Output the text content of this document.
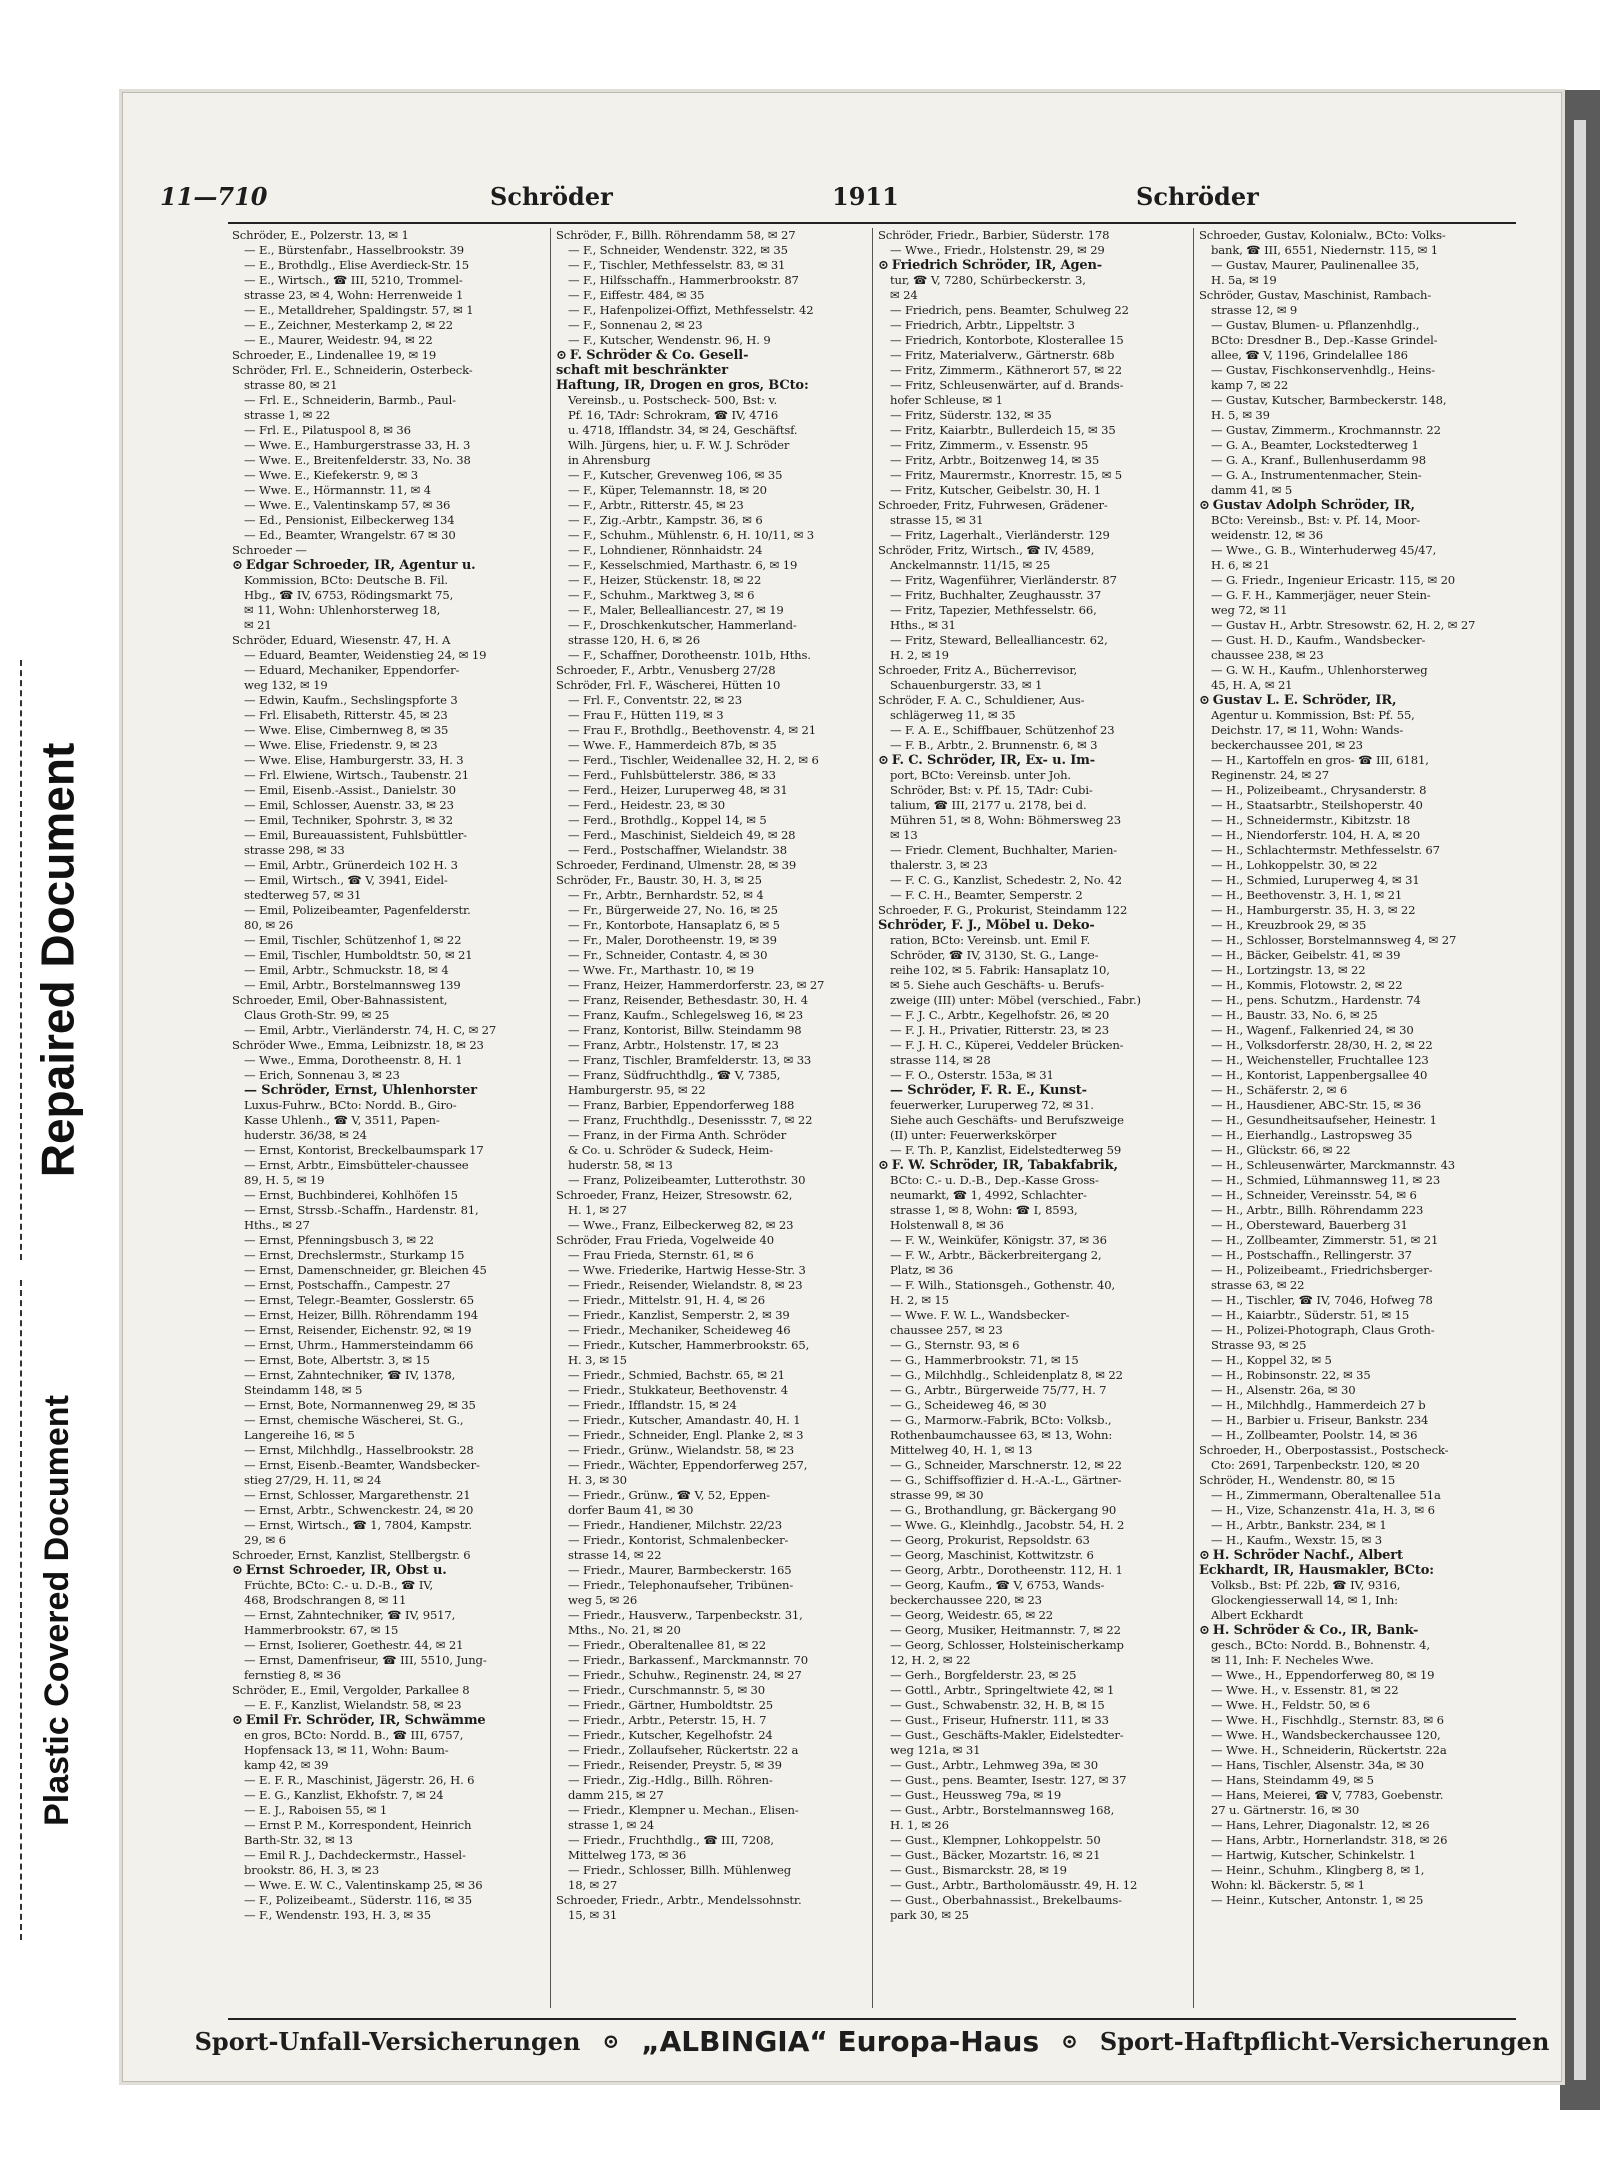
Repaired Document
Plastic Covered Document
11—710	Schröder	1911	Schröder
Schröder, E., Polzerstr. 13, ✉ 1
— E., Bürstenfabr., Hasselbrookstr. 39
— E., Brothdlg., Elise Averdieck-Str. 15
— E., Wirtsch., ☎ III, 5210, Trommel-
strasse 23, ✉ 4, Wohn: Herrenweide 1
— E., Metalldreher, Spaldingstr. 57, ✉ 1
— E., Zeichner, Mesterkamp 2, ✉ 22
— E., Maurer, Weidestr. 94, ✉ 22
Schroeder, E., Lindenallee 19, ✉ 19
Schröder, Frl. E., Schneiderin, Osterbeck-
strasse 80, ✉ 21
— Frl. E., Schneiderin, Barmb., Paul-
strasse 1, ✉ 22
— Frl. E., Pilatuspool 8, ✉ 36
— Wwe. E., Hamburgerstrasse 33, H. 3
— Wwe. E., Breitenfelderstr. 33, No. 38
— Wwe. E., Kiefekerstr. 9, ✉ 3
— Wwe. E., Hörmannstr. 11, ✉ 4
— Wwe. E., Valentinskamp 57, ✉ 36
— Ed., Pensionist, Eilbeckerweg 134
— Ed., Beamter, Wrangelstr. 67 ✉ 30
Schroeder —
⊙ Edgar Schroeder, IR, Agentur u.
Kommission, BCto: Deutsche B. Fil.
Hbg., ☎ IV, 6753, Rödingsmarkt 75,
✉ 11, Wohn: Uhlenhorsterweg 18,
✉ 21
Schröder, Eduard, Wiesenstr. 47, H. A
— Eduard, Beamter, Weidenstieg 24, ✉ 19
— Eduard, Mechaniker, Eppendorfer-
weg 132, ✉ 19
— Edwin, Kaufm., Sechslingspforte 3
— Frl. Elisabeth, Ritterstr. 45, ✉ 23
— Wwe. Elise, Cimbernweg 8, ✉ 35
— Wwe. Elise, Friedenstr. 9, ✉ 23
— Wwe. Elise, Hamburgerstr. 33, H. 3
— Frl. Elwiene, Wirtsch., Taubenstr. 21
— Emil, Eisenb.-Assist., Danielstr. 30
— Emil, Schlosser, Auenstr. 33, ✉ 23
— Emil, Techniker, Spohrstr. 3, ✉ 32
— Emil, Bureauassistent, Fuhlsbüttler-
strasse 298, ✉ 33
— Emil, Arbtr., Grünerdeich 102 H. 3
— Emil, Wirtsch., ☎ V, 3941, Eidel-
stedterweg 57, ✉ 31
— Emil, Polizeibeamter, Pagenfelderstr.
80, ✉ 26
— Emil, Tischler, Schützenhof 1, ✉ 22
— Emil, Tischler, Humboldtstr. 50, ✉ 21
— Emil, Arbtr., Schmuckstr. 18, ✉ 4
— Emil, Arbtr., Borstelmannsweg 139
Schroeder, Emil, Ober-Bahnassistent,
Claus Groth-Str. 99, ✉ 25
— Emil, Arbtr., Vierländerstr. 74, H. C, ✉ 27
Schröder Wwe., Emma, Leibnizstr. 18, ✉ 23
— Wwe., Emma, Dorotheenstr. 8, H. 1
— Erich, Sonnenau 3, ✉ 23
— Schröder, Ernst, Uhlenhorster
Luxus-Fuhrw., BCto: Nordd. B., Giro-
Kasse Uhlenh., ☎ V, 3511, Papen-
huderstr. 36/38, ✉ 24
— Ernst, Kontorist, Breckelbaumspark 17
— Ernst, Arbtr., Eimsbütteler-chaussee
89, H. 5, ✉ 19
— Ernst, Buchbinderei, Kohlhöfen 15
— Ernst, Strssb.-Schaffn., Hardenstr. 81,
Hths., ✉ 27
— Ernst, Pfenningsbusch 3, ✉ 22
— Ernst, Drechslermstr., Sturkamp 15
— Ernst, Damenschneider, gr. Bleichen 45
— Ernst, Postschaffn., Campestr. 27
— Ernst, Telegr.-Beamter, Gosslerstr. 65
— Ernst, Heizer, Billh. Röhrendamm 194
— Ernst, Reisender, Eichenstr. 92, ✉ 19
— Ernst, Uhrm., Hammersteindamm 66
— Ernst, Bote, Albertstr. 3, ✉ 15
— Ernst, Zahntechniker, ☎ IV, 1378,
Steindamm 148, ✉ 5
— Ernst, Bote, Normannenweg 29, ✉ 35
— Ernst, chemische Wäscherei, St. G.,
Langereihe 16, ✉ 5
— Ernst, Milchhdlg., Hasselbrookstr. 28
— Ernst, Eisenb.-Beamter, Wandsbecker-
stieg 27/29, H. 11, ✉ 24
— Ernst, Schlosser, Margarethenstr. 21
— Ernst, Arbtr., Schwenckestr. 24, ✉ 20
— Ernst, Wirtsch., ☎ 1, 7804, Kampstr.
29, ✉ 6
Schroeder, Ernst, Kanzlist, Stellbergstr. 6
⊙ Ernst Schroeder, IR, Obst u.
Früchte, BCto: C.- u. D.-B., ☎ IV,
468, Brodschrangen 8, ✉ 11
— Ernst, Zahntechniker, ☎ IV, 9517,
Hammerbrookstr. 67, ✉ 15
— Ernst, Isolierer, Goethestr. 44, ✉ 21
— Ernst, Damenfriseur, ☎ III, 5510, Jung-
fernstieg 8, ✉ 36
Schröder, E., Emil, Vergolder, Parkallee 8
— E. F., Kanzlist, Wielandstr. 58, ✉ 23
⊙ Emil Fr. Schröder, IR, Schwämme
en gros, BCto: Nordd. B., ☎ III, 6757,
Hopfensack 13, ✉ 11, Wohn: Baum-
kamp 42, ✉ 39
— E. F. R., Maschinist, Jägerstr. 26, H. 6
— E. G., Kanzlist, Ekhofstr. 7, ✉ 24
— E. J., Raboisen 55, ✉ 1
— Ernst P. M., Korrespondent, Heinrich
Barth-Str. 32, ✉ 13
— Emil R. J., Dachdeckermstr., Hassel-
brookstr. 86, H. 3, ✉ 23
— Wwe. E. W. C., Valentinskamp 25, ✉ 36
— F., Polizeibeamt., Süderstr. 116, ✉ 35
— F., Wendenstr. 193, H. 3, ✉ 35
Schröder, F., Billh. Röhrendamm 58, ✉ 27
— F., Schneider, Wendenstr. 322, ✉ 35
— F., Tischler, Methfesselstr. 83, ✉ 31
— F., Hilfsschaffn., Hammerbrookstr. 87
— F., Eiffestr. 484, ✉ 35
— F., Hafenpolizei-Offizt, Methfesselstr. 42
— F., Sonnenau 2, ✉ 23
— F., Kutscher, Wendenstr. 96, H. 9
⊙ F. Schröder & Co. Gesell-
schaft mit beschränkter
Haftung, IR, Drogen en gros, BCto:
Vereinsb., u. Postscheck- 500, Bst: v.
Pf. 16, TAdr: Schrokram, ☎ IV, 4716
u. 4718, Ifflandstr. 34, ✉ 24, Geschäftsf.
Wilh. Jürgens, hier, u. F. W. J. Schröder
in Ahrensburg
— F., Kutscher, Grevenweg 106, ✉ 35
— F., Küper, Telemannstr. 18, ✉ 20
— F., Arbtr., Ritterstr. 45, ✉ 23
— F., Zig.-Arbtr., Kampstr. 36, ✉ 6
— F., Schuhm., Mühlenstr. 6, H. 10/11, ✉ 3
— F., Lohndiener, Rönnhaidstr. 24
— F., Kesselschmied, Marthastr. 6, ✉ 19
— F., Heizer, Stückenstr. 18, ✉ 22
— F., Schuhm., Marktweg 3, ✉ 6
— F., Maler, Bellealliancestr. 27, ✉ 19
— F., Droschkenkutscher, Hammerland-
strasse 120, H. 6, ✉ 26
— F., Schaffner, Dorotheenstr. 101b, Hths.
Schroeder, F., Arbtr., Venusberg 27/28
Schröder, Frl. F., Wäscherei, Hütten 10
— Frl. F., Conventstr. 22, ✉ 23
— Frau F., Hütten 119, ✉ 3
— Frau F., Brothdlg., Beethovenstr. 4, ✉ 21
— Wwe. F., Hammerdeich 87b, ✉ 35
— Ferd., Tischler, Weidenallee 32, H. 2, ✉ 6
— Ferd., Fuhlsbüttelerstr. 386, ✉ 33
— Ferd., Heizer, Luruperweg 48, ✉ 31
— Ferd., Heidestr. 23, ✉ 30
— Ferd., Brothdlg., Koppel 14, ✉ 5
— Ferd., Maschinist, Sieldeich 49, ✉ 28
— Ferd., Postschaffner, Wielandstr. 38
Schroeder, Ferdinand, Ulmenstr. 28, ✉ 39
Schröder, Fr., Baustr. 30, H. 3, ✉ 25
— Fr., Arbtr., Bernhardstr. 52, ✉ 4
— Fr., Bürgerweide 27, No. 16, ✉ 25
— Fr., Kontorbote, Hansaplatz 6, ✉ 5
— Fr., Maler, Dorotheenstr. 19, ✉ 39
— Fr., Schneider, Contastr. 4, ✉ 30
— Wwe. Fr., Marthastr. 10, ✉ 19
— Franz, Heizer, Hammerdorferstr. 23, ✉ 27
— Franz, Reisender, Bethesdastr. 30, H. 4
— Franz, Kaufm., Schlegelsweg 16, ✉ 23
— Franz, Kontorist, Billw. Steindamm 98
— Franz, Arbtr., Holstenstr. 17, ✉ 23
— Franz, Tischler, Bramfelderstr. 13, ✉ 33
— Franz, Südfruchthdlg., ☎ V, 7385,
Hamburgerstr. 95, ✉ 22
— Franz, Barbier, Eppendorferweg 188
— Franz, Fruchthdlg., Desenissstr. 7, ✉ 22
— Franz, in der Firma Anth. Schröder
& Co. u. Schröder & Sudeck, Heim-
huderstr. 58, ✉ 13
— Franz, Polizeibeamter, Lutterothstr. 30
Schroeder, Franz, Heizer, Stresowstr. 62,
H. 1, ✉ 27
— Wwe., Franz, Eilbeckerweg 82, ✉ 23
Schröder, Frau Frieda, Vogelweide 40
— Frau Frieda, Sternstr. 61, ✉ 6
— Wwe. Friederike, Hartwig Hesse-Str. 3
— Friedr., Reisender, Wielandstr. 8, ✉ 23
— Friedr., Mittelstr. 91, H. 4, ✉ 26
— Friedr., Kanzlist, Semperstr. 2, ✉ 39
— Friedr., Mechaniker, Scheideweg 46
— Friedr., Kutscher, Hammerbrookstr. 65,
H. 3, ✉ 15
— Friedr., Schmied, Bachstr. 65, ✉ 21
— Friedr., Stukkateur, Beethovenstr. 4
— Friedr., Ifflandstr. 15, ✉ 24
— Friedr., Kutscher, Amandastr. 40, H. 1
— Friedr., Schneider, Engl. Planke 2, ✉ 3
— Friedr., Grünw., Wielandstr. 58, ✉ 23
— Friedr., Wächter, Eppendorferweg 257,
H. 3, ✉ 30
— Friedr., Grünw., ☎ V, 52, Eppen-
dorfer Baum 41, ✉ 30
— Friedr., Handiener, Milchstr. 22/23
— Friedr., Kontorist, Schmalenbecker-
strasse 14, ✉ 22
— Friedr., Maurer, Barmbeckerstr. 165
— Friedr., Telephonaufseher, Tribünen-
weg 5, ✉ 26
— Friedr., Hausverw., Tarpenbeckstr. 31,
Mths., No. 21, ✉ 20
— Friedr., Oberaltenallee 81, ✉ 22
— Friedr., Barkassenf., Marckmannstr. 70
— Friedr., Schuhw., Reginenstr. 24, ✉ 27
— Friedr., Curschmannstr. 5, ✉ 30
— Friedr., Gärtner, Humboldtstr. 25
— Friedr., Arbtr., Peterstr. 15, H. 7
— Friedr., Kutscher, Kegelhofstr. 24
— Friedr., Zollaufseher, Rückertstr. 22 a
— Friedr., Reisender, Preystr. 5, ✉ 39
— Friedr., Zig.-Hdlg., Billh. Röhren-
damm 215, ✉ 27
— Friedr., Klempner u. Mechan., Elisen-
strasse 1, ✉ 24
— Friedr., Fruchthdlg., ☎ III, 7208,
Mittelweg 173, ✉ 36
— Friedr., Schlosser, Billh. Mühlenweg
18, ✉ 27
Schroeder, Friedr., Arbtr., Mendelssohnstr.
15, ✉ 31
Schröder, Friedr., Barbier, Süderstr. 178
— Wwe., Friedr., Holstenstr. 29, ✉ 29
⊙ Friedrich Schröder, IR, Agen-
tur, ☎ V, 7280, Schürbeckerstr. 3,
✉ 24
— Friedrich, pens. Beamter, Schulweg 22
— Friedrich, Arbtr., Lippeltstr. 3
— Friedrich, Kontorbote, Klosterallee 15
— Fritz, Materialverw., Gärtnerstr. 68b
— Fritz, Zimmerm., Käthnerort 57, ✉ 22
— Fritz, Schleusenwärter, auf d. Brands-
hofer Schleuse, ✉ 1
— Fritz, Süderstr. 132, ✉ 35
— Fritz, Kaiarbtr., Bullerdeich 15, ✉ 35
— Fritz, Zimmerm., v. Essenstr. 95
— Fritz, Arbtr., Boitzenweg 14, ✉ 35
— Fritz, Maurermstr., Knorrestr. 15, ✉ 5
— Fritz, Kutscher, Geibelstr. 30, H. 1
Schroeder, Fritz, Fuhrwesen, Grädener-
strasse 15, ✉ 31
— Fritz, Lagerhalt., Vierländerstr. 129
Schröder, Fritz, Wirtsch., ☎ IV, 4589,
Anckelmannstr. 11/15, ✉ 25
— Fritz, Wagenführer, Vierländerstr. 87
— Fritz, Buchhalter, Zeughausstr. 37
— Fritz, Tapezier, Methfesselstr. 66,
Hths., ✉ 31
— Fritz, Steward, Bellealliancestr. 62,
H. 2, ✉ 19
Schroeder, Fritz A., Bücherrevisor,
Schauenburgerstr. 33, ✉ 1
Schröder, F. A. C., Schuldiener, Aus-
schlägerweg 11, ✉ 35
— F. A. E., Schiffbauer, Schützenhof 23
— F. B., Arbtr., 2. Brunnenstr. 6, ✉ 3
⊙ F. C. Schröder, IR, Ex- u. Im-
port, BCto: Vereinsb. unter Joh.
Schröder, Bst: v. Pf. 15, TAdr: Cubi-
talium, ☎ III, 2177 u. 2178, bei d.
Mühren 51, ✉ 8, Wohn: Böhmersweg 23
✉ 13
— Friedr. Clement, Buchhalter, Marien-
thalerstr. 3, ✉ 23
— F. C. G., Kanzlist, Schedestr. 2, No. 42
— F. C. H., Beamter, Semperstr. 2
Schroeder, F. G., Prokurist, Steindamm 122
Schröder, F. J., Möbel u. Deko-
ration, BCto: Vereinsb. unt. Emil F.
Schröder, ☎ IV, 3130, St. G., Lange-
reihe 102, ✉ 5. Fabrik: Hansaplatz 10,
✉ 5. Siehe auch Geschäfts- u. Berufs-
zweige (III) unter: Möbel (verschied., Fabr.)
— F. J. C., Arbtr., Kegelhofstr. 26, ✉ 20
— F. J. H., Privatier, Ritterstr. 23, ✉ 23
— F. J. H. C., Küperei, Veddeler Brücken-
strasse 114, ✉ 28
— F. O., Osterstr. 153a, ✉ 31
— Schröder, F. R. E., Kunst-
feuerwerker, Luruperweg 72, ✉ 31.
Siehe auch Geschäfts- und Berufszweige
(II) unter: Feuerwerkskörper
— F. Th. P., Kanzlist, Eidelstedterweg 59
⊙ F. W. Schröder, IR, Tabakfabrik,
BCto: C.- u. D.-B., Dep.-Kasse Gross-
neumarkt, ☎ 1, 4992, Schlachter-
strasse 1, ✉ 8, Wohn: ☎ I, 8593,
Holstenwall 8, ✉ 36
— F. W., Weinküfer, Königstr. 37, ✉ 36
— F. W., Arbtr., Bäckerbreitergang 2,
Platz, ✉ 36
— F. Wilh., Stationsgeh., Gothenstr. 40,
H. 2, ✉ 15
— Wwe. F. W. L., Wandsbecker-
chaussee 257, ✉ 23
— G., Sternstr. 93, ✉ 6
— G., Hammerbrookstr. 71, ✉ 15
— G., Milchhdlg., Schleidenplatz 8, ✉ 22
— G., Arbtr., Bürgerweide 75/77, H. 7
— G., Scheideweg 46, ✉ 30
— G., Marmorw.-Fabrik, BCto: Volksb.,
Rothenbaumchaussee 63, ✉ 13, Wohn:
Mittelweg 40, H. 1, ✉ 13
— G., Schneider, Marschnerstr. 12, ✉ 22
— G., Schiffsoffizier d. H.-A.-L., Gärtner-
strasse 99, ✉ 30
— G., Brothandlung, gr. Bäckergang 90
— Wwe. G., Kleinhdlg., Jacobstr. 54, H. 2
— Georg, Prokurist, Repsoldstr. 63
— Georg, Maschinist, Kottwitzstr. 6
— Georg, Arbtr., Dorotheenstr. 112, H. 1
— Georg, Kaufm., ☎ V, 6753, Wands-
beckerchaussee 220, ✉ 23
— Georg, Weidestr. 65, ✉ 22
— Georg, Musiker, Heitmannstr. 7, ✉ 22
— Georg, Schlosser, Holsteinischerkamp
12, H. 2, ✉ 22
— Gerh., Borgfelderstr. 23, ✉ 25
— Gottl., Arbtr., Springeltwiete 42, ✉ 1
— Gust., Schwabenstr. 32, H. B, ✉ 15
— Gust., Friseur, Hufnerstr. 111, ✉ 33
— Gust., Geschäfts-Makler, Eidelstedter-
weg 121a, ✉ 31
— Gust., Arbtr., Lehmweg 39a, ✉ 30
— Gust., pens. Beamter, Isestr. 127, ✉ 37
— Gust., Heussweg 79a, ✉ 19
— Gust., Arbtr., Borstelmannsweg 168,
H. 1, ✉ 26
— Gust., Klempner, Lohkoppelstr. 50
— Gust., Bäcker, Mozartstr. 16, ✉ 21
— Gust., Bismarckstr. 28, ✉ 19
— Gust., Arbtr., Bartholomäusstr. 49, H. 12
— Gust., Oberbahnassist., Brekelbaums-
park 30, ✉ 25
Schroeder, Gustav, Kolonialw., BCto: Volks-
bank, ☎ III, 6551, Niedernstr. 115, ✉ 1
— Gustav, Maurer, Paulinenallee 35,
H. 5a, ✉ 19
Schröder, Gustav, Maschinist, Rambach-
strasse 12, ✉ 9
— Gustav, Blumen- u. Pflanzenhdlg.,
BCto: Dresdner B., Dep.-Kasse Grindel-
allee, ☎ V, 1196, Grindelallee 186
— Gustav, Fischkonservenhdlg., Heins-
kamp 7, ✉ 22
— Gustav, Kutscher, Barmbeckerstr. 148,
H. 5, ✉ 39
— Gustav, Zimmerm., Krochmannstr. 22
— G. A., Beamter, Lockstedterweg 1
— G. A., Kranf., Bullenhuserdamm 98
— G. A., Instrumentenmacher, Stein-
damm 41, ✉ 5
⊙ Gustav Adolph Schröder, IR,
BCto: Vereinsb., Bst: v. Pf. 14, Moor-
weidenstr. 12, ✉ 36
— Wwe., G. B., Winterhuderweg 45/47,
H. 6, ✉ 21
— G. Friedr., Ingenieur Ericastr. 115, ✉ 20
— G. F. H., Kammerjäger, neuer Stein-
weg 72, ✉ 11
— Gustav H., Arbtr. Stresowstr. 62, H. 2, ✉ 27
— Gust. H. D., Kaufm., Wandsbecker-
chaussee 238, ✉ 23
— G. W. H., Kaufm., Uhlenhorsterweg
45, H. A, ✉ 21
⊙ Gustav L. E. Schröder, IR,
Agentur u. Kommission, Bst: Pf. 55,
Deichstr. 17, ✉ 11, Wohn: Wands-
beckerchaussee 201, ✉ 23
— H., Kartoffeln en gros- ☎ III, 6181,
Reginenstr. 24, ✉ 27
— H., Polizeibeamt., Chrysanderstr. 8
— H., Staatsarbtr., Steilshoperstr. 40
— H., Schneidermstr., Kibitzstr. 18
— H., Niendorferstr. 104, H. A, ✉ 20
— H., Schlachtermstr. Methfesselstr. 67
— H., Lohkoppelstr. 30, ✉ 22
— H., Schmied, Luruperweg 4, ✉ 31
— H., Beethovenstr. 3, H. 1, ✉ 21
— H., Hamburgerstr. 35, H. 3, ✉ 22
— H., Kreuzbrook 29, ✉ 35
— H., Schlosser, Borstelmannsweg 4, ✉ 27
— H., Bäcker, Geibelstr. 41, ✉ 39
— H., Lortzingstr. 13, ✉ 22
— H., Kommis, Flotowstr. 2, ✉ 22
— H., pens. Schutzm., Hardenstr. 74
— H., Baustr. 33, No. 6, ✉ 25
— H., Wagenf., Falkenried 24, ✉ 30
— H., Volksdorferstr. 28/30, H. 2, ✉ 22
— H., Weichensteller, Fruchtallee 123
— H., Kontorist, Lappenbergsallee 40
— H., Schäferstr. 2, ✉ 6
— H., Hausdiener, ABC-Str. 15, ✉ 36
— H., Gesundheitsaufseher, Heinestr. 1
— H., Eierhandlg., Lastropsweg 35
— H., Glückstr. 66, ✉ 22
— H., Schleusenwärter, Marckmannstr. 43
— H., Schmied, Lühmannsweg 11, ✉ 23
— H., Schneider, Vereinsstr. 54, ✉ 6
— H., Arbtr., Billh. Röhrendamm 223
— H., Obersteward, Bauerberg 31
— H., Zollbeamter, Zimmerstr. 51, ✉ 21
— H., Postschaffn., Rellingerstr. 37
— H., Polizeibeamt., Friedrichsberger-
strasse 63, ✉ 22
— H., Tischler, ☎ IV, 7046, Hofweg 78
— H., Kaiarbtr., Süderstr. 51, ✉ 15
— H., Polizei-Photograph, Claus Groth-
Strasse 93, ✉ 25
— H., Koppel 32, ✉ 5
— H., Robinsonstr. 22, ✉ 35
— H., Alsenstr. 26a, ✉ 30
— H., Milchhdlg., Hammerdeich 27 b
— H., Barbier u. Friseur, Bankstr. 234
— H., Zollbeamter, Poolstr. 14, ✉ 36
Schroeder, H., Oberpostassist., Postscheck-
Cto: 2691, Tarpenbeckstr. 120, ✉ 20
Schröder, H., Wendenstr. 80, ✉ 15
— H., Zimmermann, Oberaltenallee 51a
— H., Vize, Schanzenstr. 41a, H. 3, ✉ 6
— H., Arbtr., Bankstr. 234, ✉ 1
— H., Kaufm., Wexstr. 15, ✉ 3
⊙ H. Schröder Nachf., Albert
Eckhardt, IR, Hausmakler, BCto:
Volksb., Bst: Pf. 22b, ☎ IV, 9316,
Glockengiesserwall 14, ✉ 1, Inh:
Albert Eckhardt
⊙ H. Schröder & Co., IR, Bank-
gesch., BCto: Nordd. B., Bohnenstr. 4,
✉ 11, Inh: F. Necheles Wwe.
— Wwe., H., Eppendorferweg 80, ✉ 19
— Wwe. H., v. Essenstr. 81, ✉ 22
— Wwe. H., Feldstr. 50, ✉ 6
— Wwe. H., Fischhdlg., Sternstr. 83, ✉ 6
— Wwe. H., Wandsbeckerchaussee 120,
— Wwe. H., Schneiderin, Rückertstr. 22a
— Hans, Tischler, Alsenstr. 34a, ✉ 30
— Hans, Steindamm 49, ✉ 5
— Hans, Meierei, ☎ V, 7783, Goebenstr.
27 u. Gärtnerstr. 16, ✉ 30
— Hans, Lehrer, Diagonalstr. 12, ✉ 26
— Hans, Arbtr., Hornerlandstr. 318, ✉ 26
— Hartwig, Kutscher, Schinkelstr. 1
— Heinr., Schuhm., Klingberg 8, ✉ 1,
Wohn: kl. Bäckerstr. 5, ✉ 1
— Heinr., Kutscher, Antonstr. 1, ✉ 25
Sport-Unfall-Versicherungen ⊙ „ALBINGIA“ Europa-Haus ⊙ Sport-Haftpflicht-Versicherungen
